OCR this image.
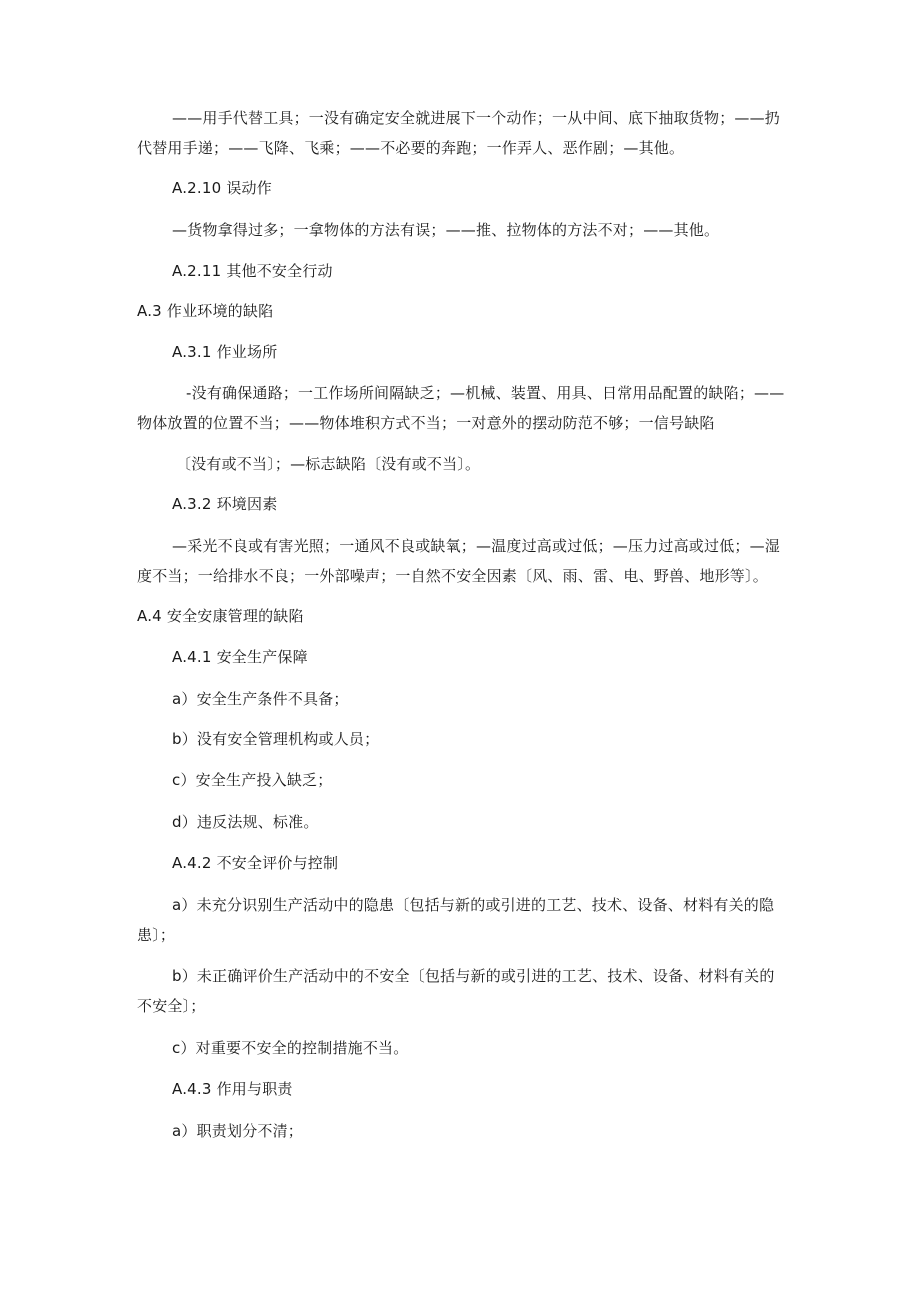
——用手代替工具；一没有确定安全就进展下一个动作；一从中间、底下抽取货物；——扔
代替用手递；——飞降、飞乘；——不必要的奔跑；一作弄人、恶作剧；—其他。
A.2.10 误动作
—货物拿得过多；一拿物体的方法有误；——推、拉物体的方法不对；——其他。
A.2.11 其他不安全行动
A.3 作业环境的缺陷
A.3.1 作业场所
-没有确保通路；一工作场所间隔缺乏；—机械、装置、用具、日常用品配置的缺陷；——
物体放置的位置不当；——物体堆积方式不当；一对意外的摆动防范不够；一信号缺陷
〔没有或不当〕；—标志缺陷〔没有或不当〕。
A.3.2 环境因素
—采光不良或有害光照；一通风不良或缺氧；—温度过高或过低；—压力过高或过低；—湿
度不当；一给排水不良；一外部噪声；一自然不安全因素〔风、雨、雷、电、野兽、地形等〕。
A.4 安全安康管理的缺陷
A.4.1 安全生产保障
a）安全生产条件不具备；
b）没有安全管理机构或人员；
c）安全生产投入缺乏；
d）违反法规、标准。
A.4.2 不安全评价与控制
a）未充分识别生产活动中的隐患〔包括与新的或引进的工艺、技术、设备、材料有关的隐
患〕；
b）未正确评价生产活动中的不安全〔包括与新的或引进的工艺、技术、设备、材料有关的
不安全〕；
c）对重要不安全的控制措施不当。
A.4.3 作用与职责
a）职责划分不清；
